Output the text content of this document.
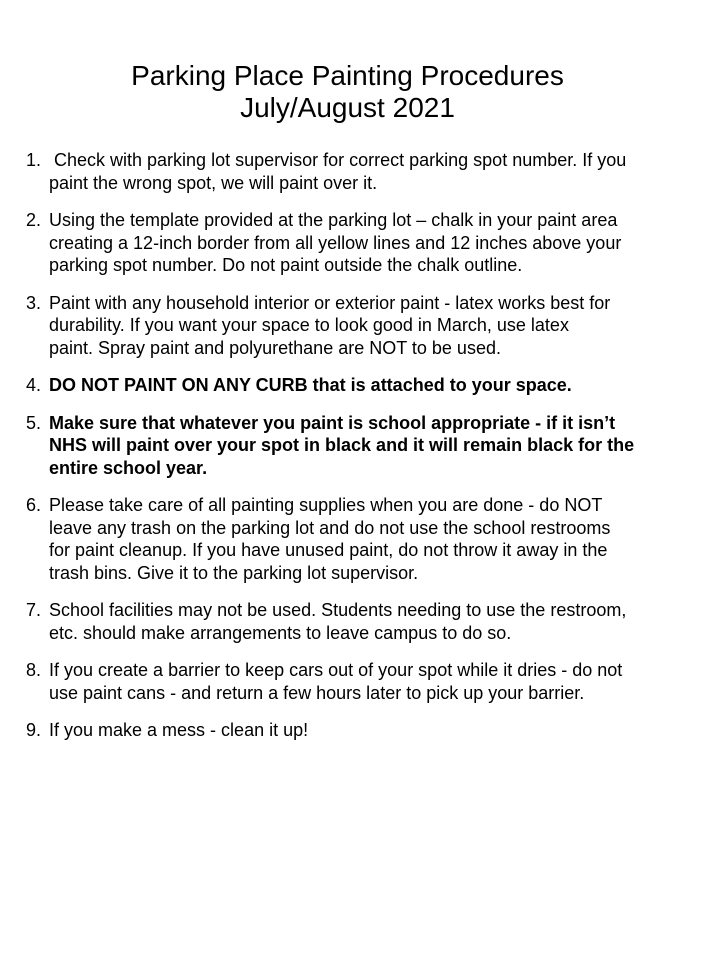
Parking Place Painting Procedures
July/August 2021
1. Check with parking lot supervisor for correct parking spot number. If you
paint the wrong spot, we will paint over it.
2. Using the template provided at the parking lot – chalk in your paint area
creating a 12-inch border from all yellow lines and 12 inches above your
parking spot number. Do not paint outside the chalk outline.
3. Paint with any household interior or exterior paint - latex works best for
durability. If you want your space to look good in March, use latex
paint. Spray paint and polyurethane are NOT to be used.
4. DO NOT PAINT ON ANY CURB that is attached to your space.
5. Make sure that whatever you paint is school appropriate - if it isn’t
NHS will paint over your spot in black and it will remain black for the
entire school year.
6. Please take care of all painting supplies when you are done - do NOT
leave any trash on the parking lot and do not use the school restrooms
for paint cleanup. If you have unused paint, do not throw it away in the
trash bins. Give it to the parking lot supervisor.
7. School facilities may not be used. Students needing to use the restroom,
etc. should make arrangements to leave campus to do so.
8. If you create a barrier to keep cars out of your spot while it dries - do not
use paint cans - and return a few hours later to pick up your barrier.
9. If you make a mess - clean it up!
